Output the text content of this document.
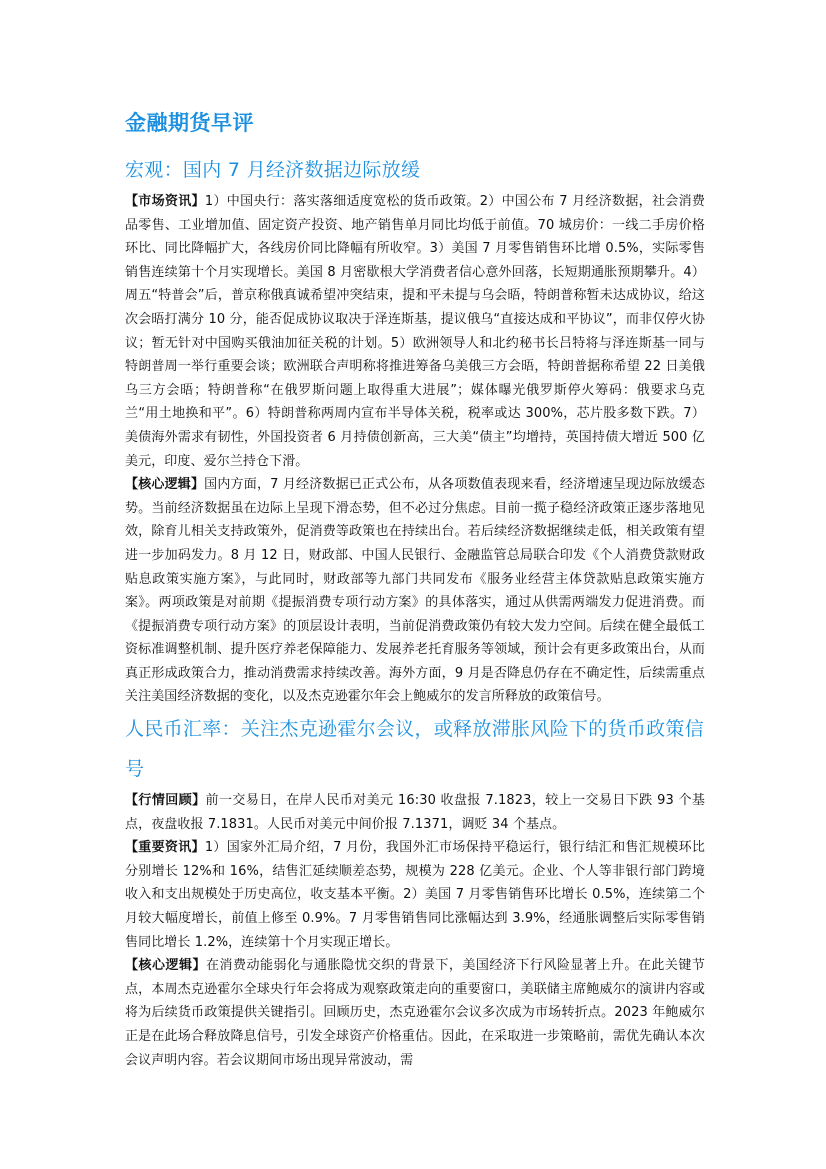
金融期货早评
宏观：国内 7 月经济数据边际放缓

【市场资讯】1）中国央行：落实落细适度宽松的货币政策。2）中国公布 7 月经济数据，社会消费品零售、工业增加值、固定资产投资、地产销售单月同比均低于前值。70 城房价：一线二手房价格环比、同比降幅扩大，各线房价同比降幅有所收窄。3）美国 7 月零售销售环比增 0.5%，实际零售销售连续第十个月实现增长。美国 8 月密歇根大学消费者信心意外回落，长短期通胀预期攀升。4）周五“特普会”后，普京称俄真诚希望冲突结束，提和平未提与乌会晤，特朗普称暂未达成协议，给这次会晤打满分 10 分，能否促成协议取决于泽连斯基，提议俄乌“直接达成和平协议”，而非仅停火协议；暂无针对中国购买俄油加征关税的计划。5）欧洲领导人和北约秘书长吕特将与泽连斯基一同与特朗普周一举行重要会谈；欧洲联合声明称将推进筹备乌美俄三方会晤，特朗普据称希望 22 日美俄乌三方会晤；特朗普称“在俄罗斯问题上取得重大进展”；媒体曝光俄罗斯停火筹码：俄要求乌克兰“用土地换和平”。6）特朗普称两周内宣布半导体关税，税率或达 300%，芯片股多数下跌。7）美债海外需求有韧性，外国投资者 6 月持债创新高，三大美“债主”均增持，英国持债大增近 500 亿美元，印度、爱尔兰持仓下滑。

【核心逻辑】国内方面，7 月经济数据已正式公布，从各项数值表现来看，经济增速呈现边际放缓态势。当前经济数据虽在边际上呈现下滑态势，但不必过分焦虑。目前一揽子稳经济政策正逐步落地见效，除育儿相关支持政策外，促消费等政策也在持续出台。若后续经济数据继续走低，相关政策有望进一步加码发力。8 月 12 日，财政部、中国人民银行、金融监管总局联合印发《个人消费贷款财政贴息政策实施方案》，与此同时，财政部等九部门共同发布《服务业经营主体贷款贴息政策实施方案》。两项政策是对前期《提振消费专项行动方案》的具体落实，通过从供需两端发力促进消费。而《提振消费专项行动方案》的顶层设计表明，当前促消费政策仍有较大发力空间。后续在健全最低工资标准调整机制、提升医疗养老保障能力、发展养老托育服务等领域，预计会有更多政策出台，从而真正形成政策合力，推动消费需求持续改善。海外方面，9 月是否降息仍存在不确定性，后续需重点关注美国经济数据的变化，以及杰克逊霍尔年会上鲍威尔的发言所释放的政策信号。

人民币汇率：关注杰克逊霍尔会议，或释放滞胀风险下的货币政策信号

【行情回顾】前一交易日，在岸人民币对美元 16:30 收盘报 7.1823，较上一交易日下跌 93 个基点，夜盘收报 7.1831。人民币对美元中间价报 7.1371，调贬 34 个基点。

【重要资讯】1）国家外汇局介绍，7 月份，我国外汇市场保持平稳运行，银行结汇和售汇规模环比分别增长 12%和 16%，结售汇延续顺差态势，规模为 228 亿美元。企业、个人等非银行部门跨境收入和支出规模处于历史高位，收支基本平衡。2）美国 7 月零售销售环比增长 0.5%，连续第二个月较大幅度增长，前值上修至 0.9%。7 月零售销售同比涨幅达到 3.9%，经通胀调整后实际零售销售同比增长 1.2%，连续第十个月实现正增长。

【核心逻辑】在消费动能弱化与通胀隐忧交织的背景下，美国经济下行风险显著上升。在此关键节点，本周杰克逊霍尔全球央行年会将成为观察政策走向的重要窗口，美联储主席鲍威尔的演讲内容或将为后续货币政策提供关键指引。回顾历史，杰克逊霍尔会议多次成为市场转折点。2023 年鲍威尔正是在此场合释放降息信号，引发全球资产价格重估。因此，在采取进一步策略前，需优先确认本次会议声明内容。若会议期间市场出现异常波动，需
